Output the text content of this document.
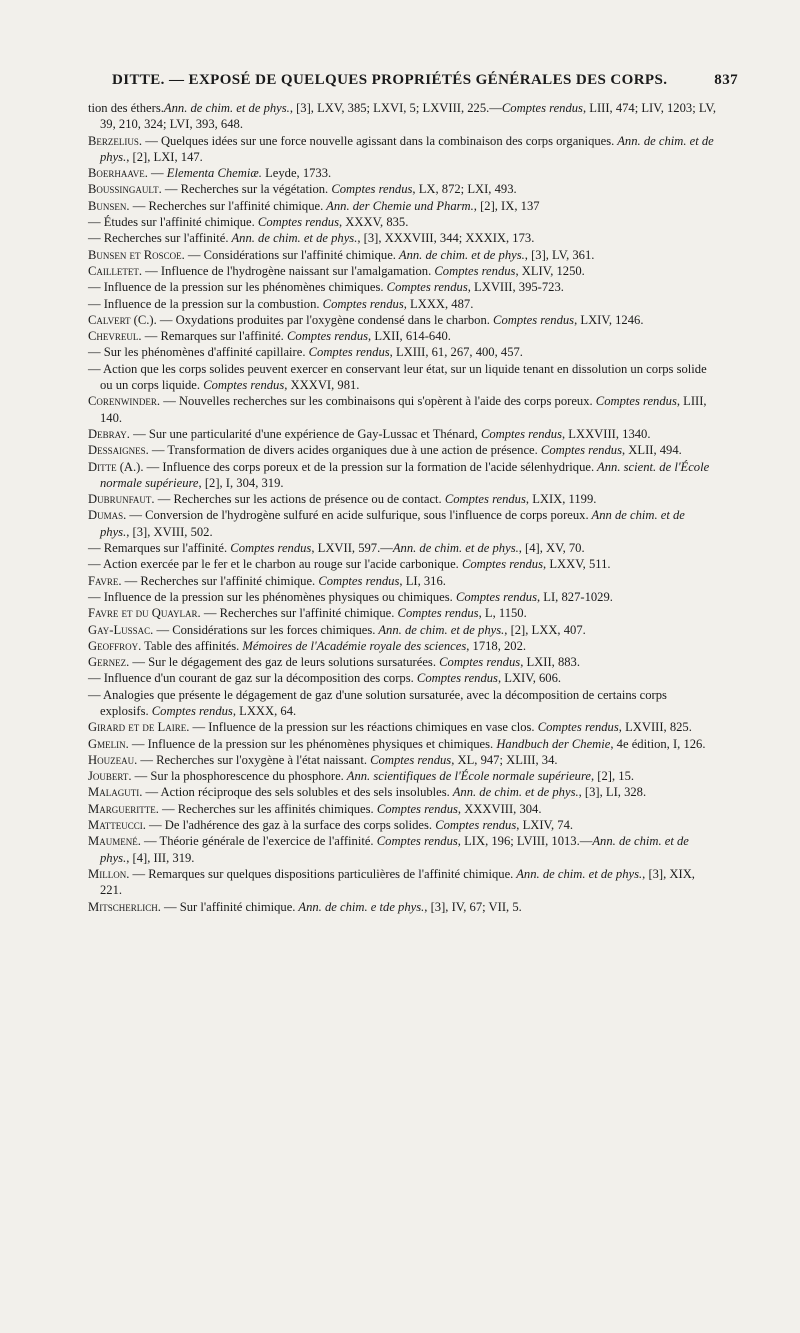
DITTE. — EXPOSÉ DE QUELQUES PROPRIÉTÉS GÉNÉRALES DES CORPS.	837

tion des éthers.Ann. de chim. et de phys., [3], LXV, 385; LXVI, 5; LXVIII, 225.—Comptes rendus, LIII, 474; LIV, 1203; LV, 39, 210, 324; LVI, 393, 648.

Berzelius. — Quelques idées sur une force nouvelle agissant dans la combinaison des corps organiques. Ann. de chim. et de phys., [2], LXI, 147.

Boerhaave. — Elementa Chemiæ. Leyde, 1733.

Boussingault. — Recherches sur la végétation. Comptes rendus, LX, 872; LXI, 493.

Bunsen. — Recherches sur l'affinité chimique. Ann. der Chemie und Pharm., [2], IX, 137

— Études sur l'affinité chimique. Comptes rendus, XXXV, 835.

— Recherches sur l'affinité. Ann. de chim. et de phys., [3], XXXVIII, 344; XXXIX, 173.

Bunsen et Roscoe. — Considérations sur l'affinité chimique. Ann. de chim. et de phys., [3], LV, 361.

Cailletet. — Influence de l'hydrogène naissant sur l'amalgamation. Comptes rendus, XLIV, 1250.

— Influence de la pression sur les phénomènes chimiques. Comptes rendus, LXVIII, 395-723.

— Influence de la pression sur la combustion. Comptes rendus, LXXX, 487.

Calvert (C.). — Oxydations produites par l'oxygène condensé dans le charbon. Comptes rendus, LXIV, 1246.

Chevreul. — Remarques sur l'affinité. Comptes rendus, LXII, 614-640.

— Sur les phénomènes d'affinité capillaire. Comptes rendus, LXIII, 61, 267, 400, 457.

— Action que les corps solides peuvent exercer en conservant leur état, sur un liquide tenant en dissolution un corps solide ou un corps liquide. Comptes rendus, XXXVI, 981.

Corenwinder. — Nouvelles recherches sur les combinaisons qui s'opèrent à l'aide des corps poreux. Comptes rendus, LIII, 140.

Debray. — Sur une particularité d'une expérience de Gay-Lussac et Thénard, Comptes rendus, LXXVIII, 1340.

Dessaignes. — Transformation de divers acides organiques due à une action de présence. Comptes rendus, XLII, 494.

Ditte (A.). — Influence des corps poreux et de la pression sur la formation de l'acide sélenhydrique. Ann. scient. de l'École normale supérieure, [2], I, 304, 319.

Dubrunfaut. — Recherches sur les actions de présence ou de contact. Comptes rendus, LXIX, 1199.

Dumas. — Conversion de l'hydrogène sulfuré en acide sulfurique, sous l'influence de corps poreux. Ann de chim. et de phys., [3], XVIII, 502.

— Remarques sur l'affinité. Comptes rendus, LXVII, 597.—Ann. de chim. et de phys., [4], XV, 70.

— Action exercée par le fer et le charbon au rouge sur l'acide carbonique. Comptes rendus, LXXV, 511.

Favre. — Recherches sur l'affinité chimique. Comptes rendus, LI, 316.

— Influence de la pression sur les phénomènes physiques ou chimiques. Comptes rendus, LI, 827-1029.

Favre et du Quaylar. — Recherches sur l'affinité chimique. Comptes rendus, L, 1150.

Gay-Lussac. — Considérations sur les forces chimiques. Ann. de chim. et de phys., [2], LXX, 407.

Geoffroy. Table des affinités. Mémoires de l'Académie royale des sciences, 1718, 202.

Gernez. — Sur le dégagement des gaz de leurs solutions sursaturées. Comptes rendus, LXII, 883.

— Influence d'un courant de gaz sur la décomposition des corps. Comptes rendus, LXIV, 606.

— Analogies que présente le dégagement de gaz d'une solution sursaturée, avec la décomposition de certains corps explosifs. Comptes rendus, LXXX, 64.

Girard et de Laire. — Influence de la pression sur les réactions chimiques en vase clos. Comptes rendus, LXVIII, 825.

Gmelin. — Influence de la pression sur les phénomènes physiques et chimiques. Handbuch der Chemie, 4e édition, I, 126.

Houzeau. — Recherches sur l'oxygène à l'état naissant. Comptes rendus, XL, 947; XLIII, 34.

Joubert. — Sur la phosphorescence du phosphore. Ann. scientifiques de l'École normale supérieure, [2], 15.

Malaguti. — Action réciproque des sels solubles et des sels insolubles. Ann. de chim. et de phys., [3], LI, 328.

Margueritte. — Recherches sur les affinités chimiques. Comptes rendus, XXXVIII, 304.

Matteucci. — De l'adhérence des gaz à la surface des corps solides. Comptes rendus, LXIV, 74.

Maumené. — Théorie générale de l'exercice de l'affinité. Comptes rendus, LIX, 196; LVIII, 1013.—Ann. de chim. et de phys., [4], III, 319.

Millon. — Remarques sur quelques dispositions particulières de l'affinité chimique. Ann. de chim. et de phys., [3], XIX, 221.

Mitscherlich. — Sur l'affinité chimique. Ann. de chim. e tde phys., [3], IV, 67; VII, 5.
